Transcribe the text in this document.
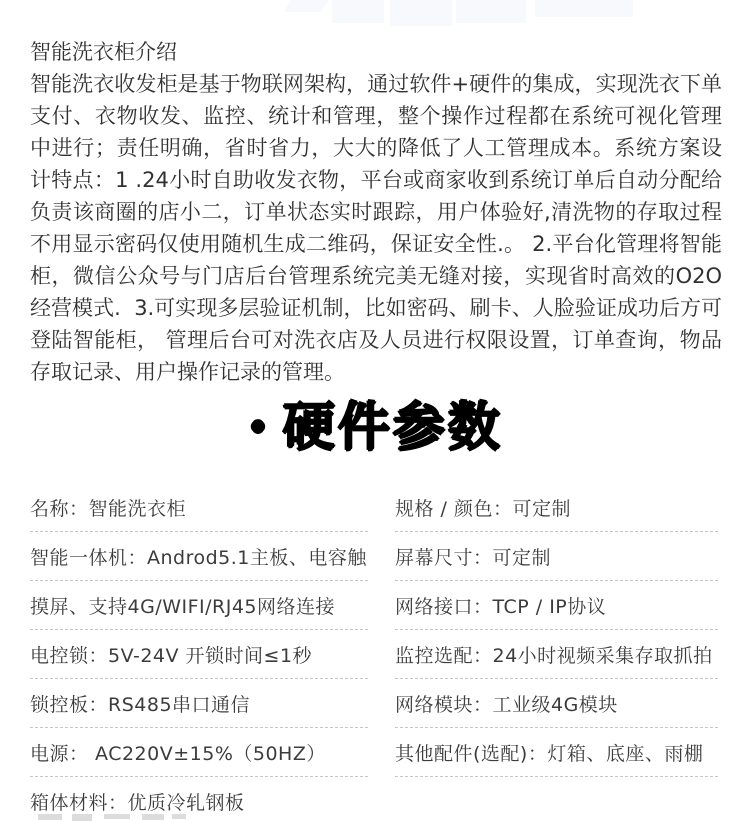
智能洗衣柜介绍

智能洗衣收发柜是基于物联网架构，通过软件+硬件的集成，实现洗衣下单支付、衣物收发、监控、统计和管理，整个操作过程都在系统可视化管理中进行；责任明确，省时省力，大大的降低了人工管理成本。系统方案设计特点：1 .24小时自助收发衣物，平台或商家收到系统订单后自动分配给负责该商圈的店小二，订单状态实时跟踪，用户体验好,清洗物的存取过程不用显示密码仅使用随机生成二维码，保证安全性.。 2.平台化管理将智能柜，微信公众号与门店后台管理系统完美无缝对接，实现省时高效的O2O经营模式.  3.可实现多层验证机制，比如密码、刷卡、人脸验证成功后方可登陆智能柜， 管理后台可对洗衣店及人员进行权限设置，订单查询，物品存取记录、用户操作记录的管理。

• 硬件参数
名称：智能洗衣柜
智能一体机：Androd5.1主板、电容触
摸屏、支持4G/WIFI/RJ45网络连接
电控锁：5V-24V 开锁时间≤1秒
锁控板：RS485串口通信
电源： AC220V±15%（50HZ）
箱体材料：优质冷轧钢板
规格 / 颜色：可定制
屏幕尺寸：可定制
网络接口：TCP / IP协议
监控选配：24小时视频采集存取抓拍
网络模块：工业级4G模块
其他配件(选配)：灯箱、底座、雨棚
